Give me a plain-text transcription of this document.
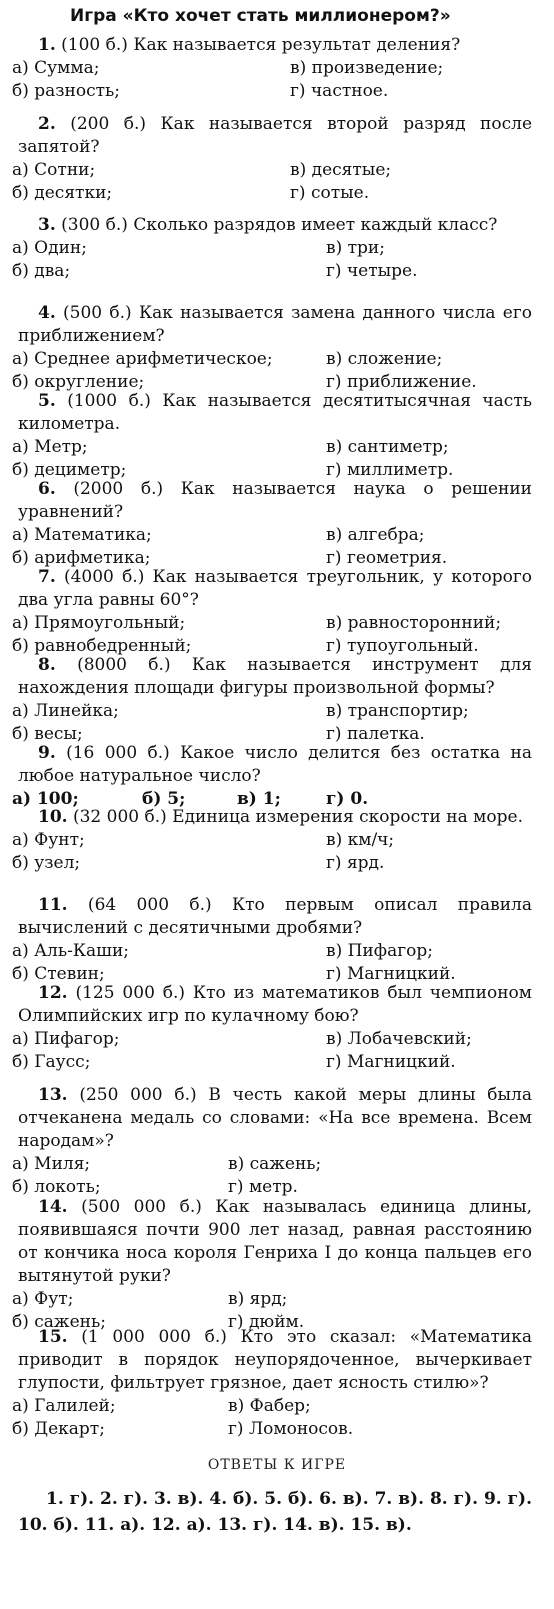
Игра «Кто хочет стать миллионером?»
1. (100 б.) Как называется результат деления?
а) Сумма;
б) разность;
в) произведение;
г) частное.
2. (200 б.) Как называется второй разряд после запятой?
а) Сотни;
б) десятки;
в) десятые;
г) сотые.
3. (300 б.) Сколько разрядов имеет каждый класс?
а) Один;
б) два;
в) три;
г) четыре.
4. (500 б.) Как называется замена данного числа его приближением?
а) Среднее арифметическое;
б) округление;
в) сложение;
г) приближение.
5. (1000 б.) Как называется десятитысячная часть километра.
а) Метр;
б) дециметр;
в) сантиметр;
г) миллиметр.
6. (2000 б.) Как называется наука о решении уравнений?
а) Математика;
б) арифметика;
в) алгебра;
г) геометрия.
7. (4000 б.) Как называется треугольник, у которого два угла равны 60°?
а) Прямоугольный;
б) равнобедренный;
в) равносторонний;
г) тупоугольный.
8. (8000 б.) Как называется инструмент для нахождения площади фигуры произвольной формы?
а) Линейка;
б) весы;
в) транспортир;
г) палетка.
9. (16 000 б.) Какое число делится без остатка на любое натуральное число?
а) 100;	б) 5;	в) 1;	г) 0.
10. (32 000 б.) Единица измерения скорости на море.
а) Фунт;
б) узел;
в) км/ч;
г) ярд.
11. (64 000 б.) Кто первым описал правила вычислений с десятичными дробями?
а) Аль-Каши;
б) Стевин;
в) Пифагор;
г) Магницкий.
12. (125 000 б.) Кто из математиков был чемпионом Олимпийских игр по кулачному бою?
а) Пифагор;
б) Гаусс;
в) Лобачевский;
г) Магницкий.
13. (250 000 б.) В честь какой меры длины была отчеканена медаль со словами: «На все времена. Всем народам»?
а) Миля;
б) локоть;
в) сажень;
г) метр.
14. (500 000 б.) Как называлась единица длины, появившаяся почти 900 лет назад, равная расстоянию от кончика носа короля Генриха I до конца пальцев его вытянутой руки?
а) Фут;
б) сажень;
в) ярд;
г) дюйм.
15. (1 000 000 б.) Кто это сказал: «Математика приводит в порядок неупорядоченное, вычеркивает глупости, фильтрует грязное, дает ясность стилю»?
а) Галилей;
б) Декарт;
в) Фабер;
г) Ломоносов.
ОТВЕТЫ К ИГРЕ
1. г). 2. г). 3. в). 4. б). 5. б). 6. в). 7. в). 8. г). 9. г). 10. б). 11. а). 12. а). 13. г). 14. в). 15. в).
